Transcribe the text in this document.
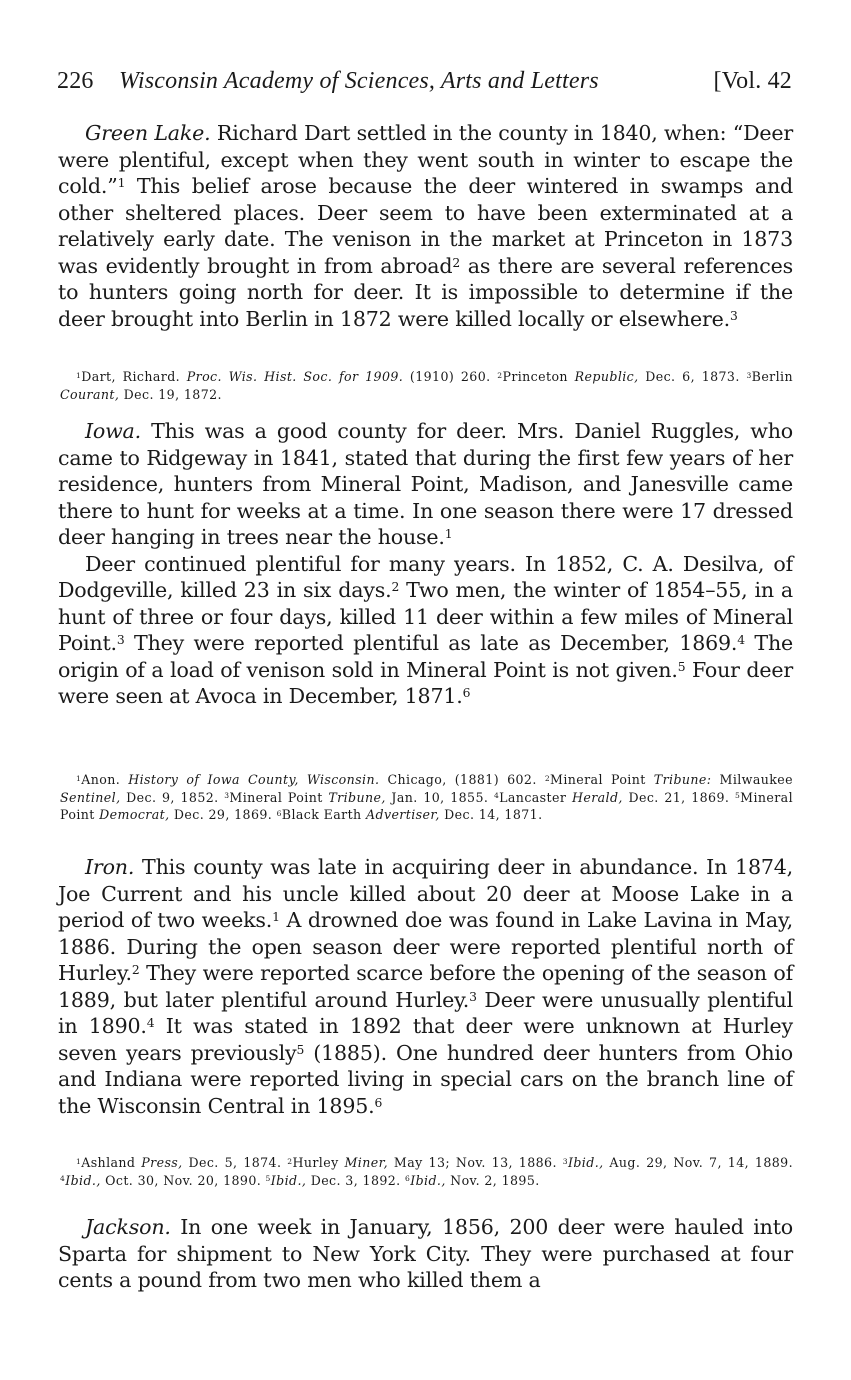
226 Wisconsin Academy of Sciences, Arts and Letters	[Vol. 42

Green Lake. Richard Dart settled in the county in 1840, when: “Deer were plentiful, except when they went south in winter to escape the cold.”$^1$ This belief arose because the deer wintered in swamps and other sheltered places. Deer seem to have been exterminated at a relatively early date. The venison in the market at Princeton in 1873 was evidently brought in from abroad$^2$ as there are several references to hunters going north for deer. It is impossible to determine if the deer brought into Berlin in 1872 were killed locally or elsewhere.$^3$

$^1$Dart, Richard. Proc. Wis. Hist. Soc. for 1909. (1910) 260. $^2$Princeton Republic, Dec. 6, 1873. $^3$Berlin Courant, Dec. 19, 1872.

Iowa. This was a good county for deer. Mrs. Daniel Ruggles, who came to Ridgeway in 1841, stated that during the first few years of her residence, hunters from Mineral Point, Madison, and Janesville came there to hunt for weeks at a time. In one season there were 17 dressed deer hanging in trees near the house.$^1$

Deer continued plentiful for many years. In 1852, C. A. Desilva, of Dodgeville, killed 23 in six days.$^2$ Two men, the winter of 1854–55, in a hunt of three or four days, killed 11 deer within a few miles of Mineral Point.$^3$ They were reported plentiful as late as December, 1869.$^4$ The origin of a load of venison sold in Mineral Point is not given.$^5$ Four deer were seen at Avoca in December, 1871.$^6$

$^1$Anon. History of Iowa County, Wisconsin. Chicago, (1881) 602. $^2$Mineral Point Tribune: Milwaukee Sentinel, Dec. 9, 1852. $^3$Mineral Point Tribune, Jan. 10, 1855. $^4$Lancaster Herald, Dec. 21, 1869. $^5$Mineral Point Democrat, Dec. 29, 1869. $^6$Black Earth Advertiser, Dec. 14, 1871.

Iron. This county was late in acquiring deer in abundance. In 1874, Joe Current and his uncle killed about 20 deer at Moose Lake in a period of two weeks.$^1$ A drowned doe was found in Lake Lavina in May, 1886. During the open season deer were reported plentiful north of Hurley.$^2$ They were reported scarce before the opening of the season of 1889, but later plentiful around Hurley.$^3$ Deer were unusually plentiful in 1890.$^4$ It was stated in 1892 that deer were unknown at Hurley seven years previously$^5$ (1885). One hundred deer hunters from Ohio and Indiana were reported living in special cars on the branch line of the Wisconsin Central in 1895.$^6$

$^1$Ashland Press, Dec. 5, 1874. $^2$Hurley Miner, May 13; Nov. 13, 1886. $^3$Ibid., Aug. 29, Nov. 7, 14, 1889. $^4$Ibid., Oct. 30, Nov. 20, 1890. $^5$Ibid., Dec. 3, 1892. $^6$Ibid., Nov. 2, 1895.

Jackson. In one week in January, 1856, 200 deer were hauled into Sparta for shipment to New York City. They were purchased at four cents a pound from two men who killed them a
